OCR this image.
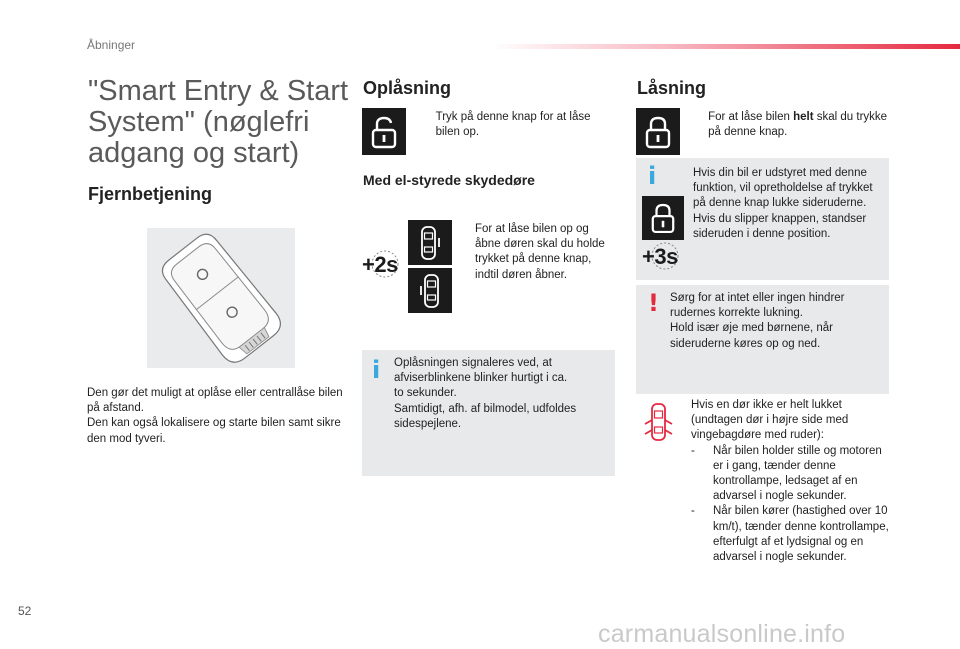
Åbninger
"Smart Entry & Start System" (nøglefri adgang og start)
Fjernbetjening
Den gør det muligt at oplåse eller centrallåse bilen på afstand.
Den kan også lokalisere og starte bilen samt sikre den mod tyveri.
Oplåsning
Tryk på denne knap for at låse bilen op.
Med el-styrede skydedøre
+2s
For at låse bilen op og åbne døren skal du holde trykket på denne knap, indtil døren åbner.
i Oplåsningen signaleres ved, at afviserblinkene blinker hurtigt i ca.
to sekunder.
Samtidigt, afh. af bilmodel, udfoldes sidespejlene.
Låsning
For at låse bilen helt skal du trykke på denne knap.
i
+3s
Hvis din bil er udstyret med denne funktion, vil opretholdelse af trykket på denne knap lukke sideruderne. Hvis du slipper knappen, standser sideruden i denne position.
! Sørg for at intet eller ingen hindrer rudernes korrekte lukning.
Hold især øje med børnene, når sideruderne køres op og ned.
Hvis en dør ikke er helt lukket (undtagen dør i højre side med vingebagdøre med ruder):
-	Når bilen holder stille og motoren er i gang, tænder denne kontrollampe, ledsaget af en advarsel i nogle sekunder.
-	Når bilen kører (hastighed over 10 km/t), tænder denne kontrollampe, efterfulgt af et lydsignal og en advarsel i nogle sekunder.
52
carmanualsonline.info
